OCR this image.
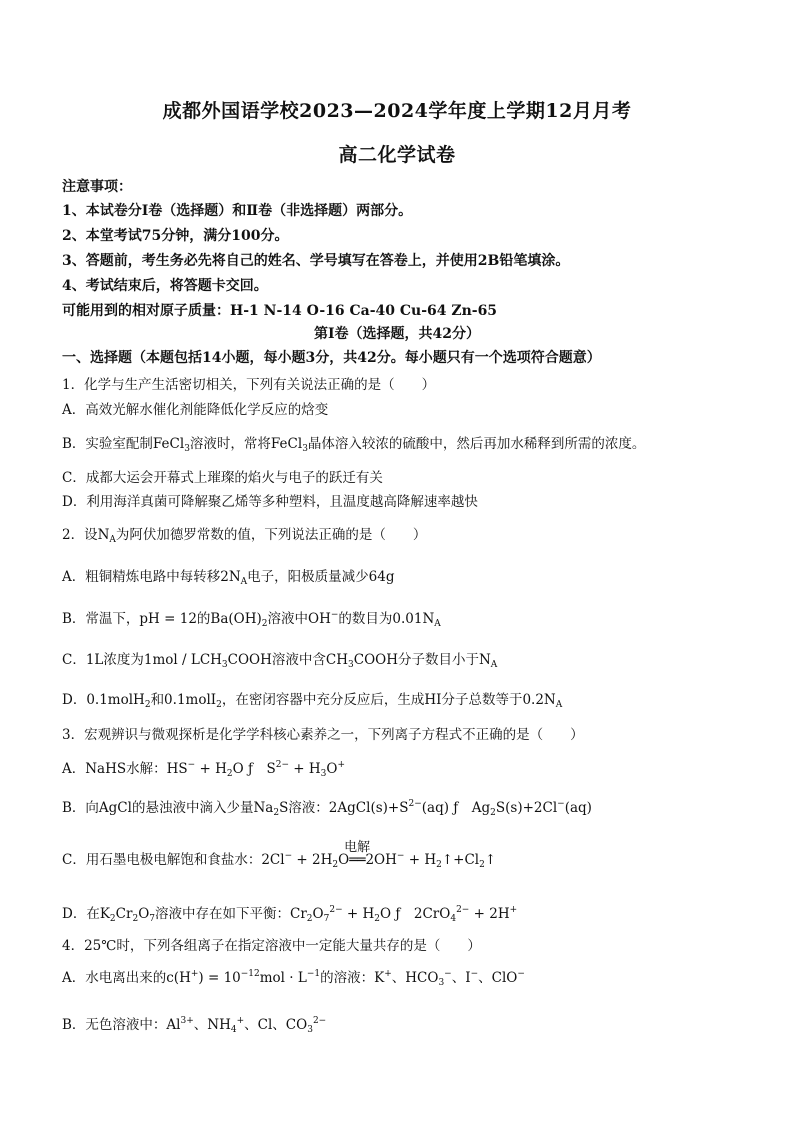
成都外国语学校2023—2024学年度上学期12月月考
高二化学试卷
注意事项：
1、本试卷分Ⅰ卷（选择题）和Ⅱ卷（非选择题）两部分。
2、本堂考试75分钟，满分100分。
3、答题前，考生务必先将自己的姓名、学号填写在答卷上，并使用2B铅笔填涂。
4、考试结束后，将答题卡交回。
可能用到的相对原子质量：H-1 N-14 O-16 Ca-40 Cu-64 Zn-65
第Ⅰ卷（选择题，共42分）
一、选择题（本题包括14小题，每小题3分，共42分。每小题只有一个选项符合题意）
1．化学与生产生活密切相关，下列有关说法正确的是（　　）
A．高效光解水催化剂能降低化学反应的焓变
B．实验室配制FeCl$_3$溶液时，常将FeCl$_3$晶体溶入较浓的硫酸中，然后再加水稀释到所需的浓度。
C．成都大运会开幕式上璀璨的焰火与电子的跃迁有关
D．利用海洋真菌可降解聚乙烯等多种塑料，且温度越高降解速率越快
2．设$N_A$为阿伏加德罗常数的值，下列说法正确的是（　　）
A．粗铜精炼电路中每转移$2N_A$电子，阳极质量减少64g
B．常温下，pH = 12的$Ba(OH)_2$溶液中OH−的数目为$0.01N_A$
C．1L浓度为$1mol / LCH_3COOH$溶液中含$CH_3COOH$分子数目小于$N_A$
D．0.1molH$_2$和0.1molI$_2$，在密闭容器中充分反应后，生成HI分子总数等于$0.2N_A$
3．宏观辨识与微观探析是化学学科核心素养之一，下列离子方程式不正确的是（　　）
A．NaHS水解：$HS^- + H_2O$ ƒ　$S^{2-} + H_3O^+$
B．向AgCl的悬浊液中滴入少量$Na_2S$溶液：$2AgCl(s)+S^{2-}(aq)$ ƒ　$Ag_2S(s)+2Cl^-(aq)$
C．用石墨电极电解饱和食盐水：$2Cl^- + 2H_2$
电解
O══2OH− + $H_2↑+Cl_2↑$
D．在$K_2Cr_2O_7$溶液中存在如下平衡：$Cr_2O_7^{2-} + H_2O$ ƒ　2CrO$_4^{2-}$ + 2H+
4．25℃时，下列各组离子在指定溶液中一定能大量共存的是（　　）
A．水电离出来的$c(H^+) = 10^{-12}mol \cdot L^{-1}$的溶液：K+、$HCO_3^-$、I−、ClO−
B．无色溶液中：$Al^{3+}$、$NH_4^+$、Cl、$CO_3^{2-}$
